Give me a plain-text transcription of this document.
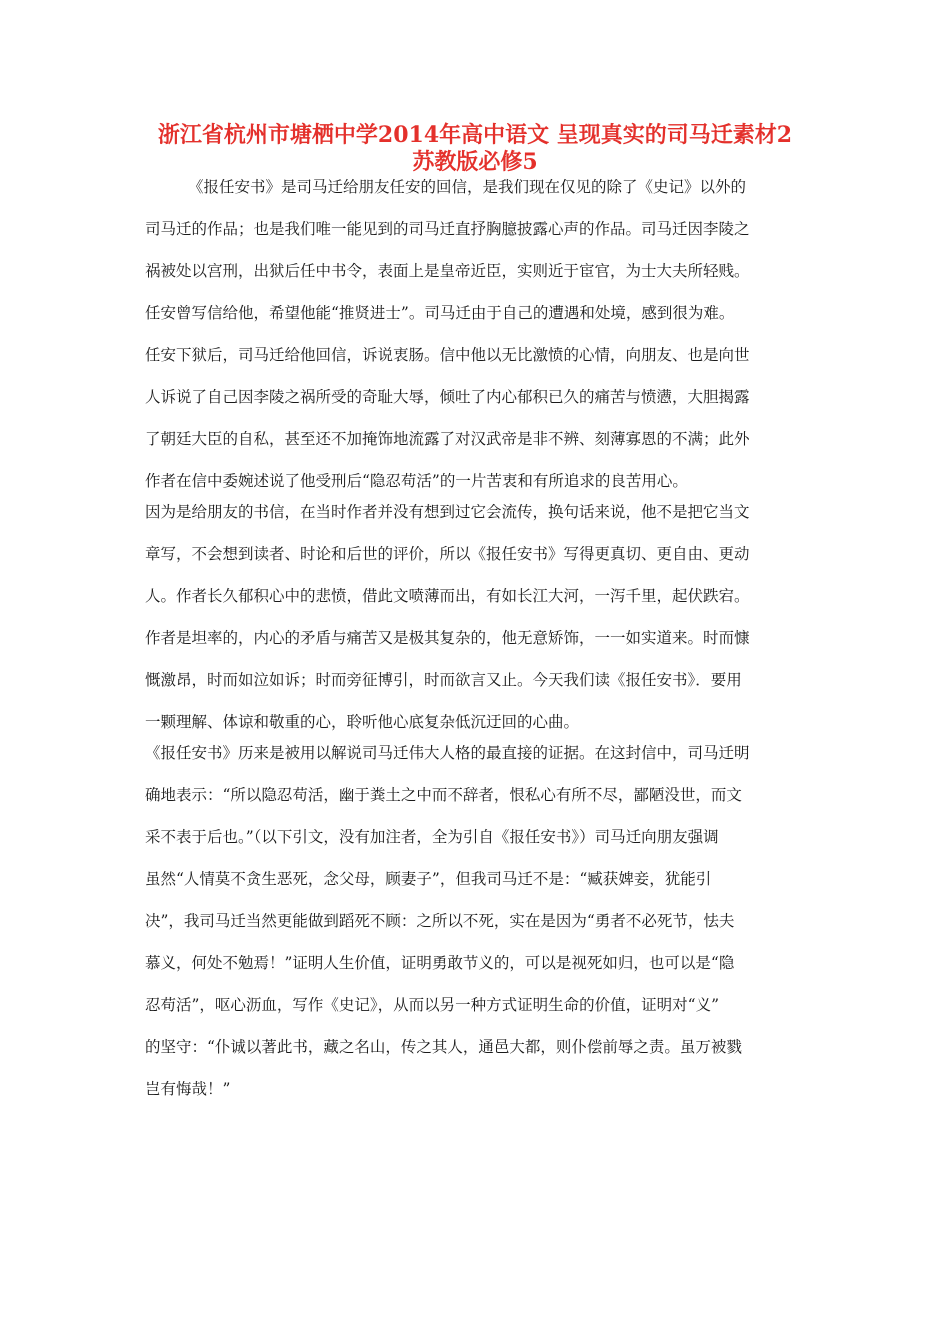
浙江省杭州市塘栖中学2014年高中语文 呈现真实的司马迁素材2
苏教版必修5
《报任安书》是司马迁给朋友任安的回信，是我们现在仅见的除了《史记》以外的
司马迁的作品；也是我们唯一能见到的司马迁直抒胸臆披露心声的作品。司马迁因李陵之
祸被处以宫刑，出狱后任中书令，表面上是皇帝近臣，实则近于宦官，为士大夫所轻贱。
任安曾写信给他，希望他能“推贤进士”。司马迁由于自己的遭遇和处境，感到很为难。
任安下狱后，司马迁给他回信，诉说衷肠。信中他以无比激愤的心情，向朋友、也是向世
人诉说了自己因李陵之祸所受的奇耻大辱，倾吐了内心郁积已久的痛苦与愤懑，大胆揭露
了朝廷大臣的自私，甚至还不加掩饰地流露了对汉武帝是非不辨、刻薄寡恩的不满；此外
作者在信中委婉述说了他受刑后“隐忍苟活”的一片苦衷和有所追求的良苦用心。
因为是给朋友的书信，在当时作者并没有想到过它会流传，换句话来说，他不是把它当文
章写，不会想到读者、时论和后世的评价，所以《报任安书》写得更真切、更自由、更动
人。作者长久郁积心中的悲愤，借此文喷薄而出，有如长江大河，一泻千里，起伏跌宕。
作者是坦率的，内心的矛盾与痛苦又是极其复杂的，他无意矫饰，一一如实道来。时而慷
慨激昂，时而如泣如诉；时而旁征博引，时而欲言又止。今天我们读《报任安书》．要用
一颗理解、体谅和敬重的心，聆听他心底复杂低沉迂回的心曲。
《报任安书》历来是被用以解说司马迁伟大人格的最直接的证据。在这封信中，司马迁明
确地表示：“所以隐忍苟活，幽于粪土之中而不辞者，恨私心有所不尽，鄙陋没世，而文
采不表于后也。”（以下引文，没有加注者，全为引自《报任安书》）司马迁向朋友强调
虽然“人情莫不贪生恶死，念父母，顾妻子”，但我司马迁不是：“臧获婢妾，犹能引
决”，我司马迁当然更能做到蹈死不顾：之所以不死，实在是因为“勇者不必死节，怯夫
慕义，何处不勉焉！”证明人生价值，证明勇敢节义的，可以是视死如归，也可以是“隐
忍苟活”，呕心沥血，写作《史记》，从而以另一种方式证明生命的价值，证明对“义”
的坚守：“仆诚以著此书，藏之名山，传之其人，通邑大都，则仆偿前辱之责。虽万被戮
岂有悔哉！”
